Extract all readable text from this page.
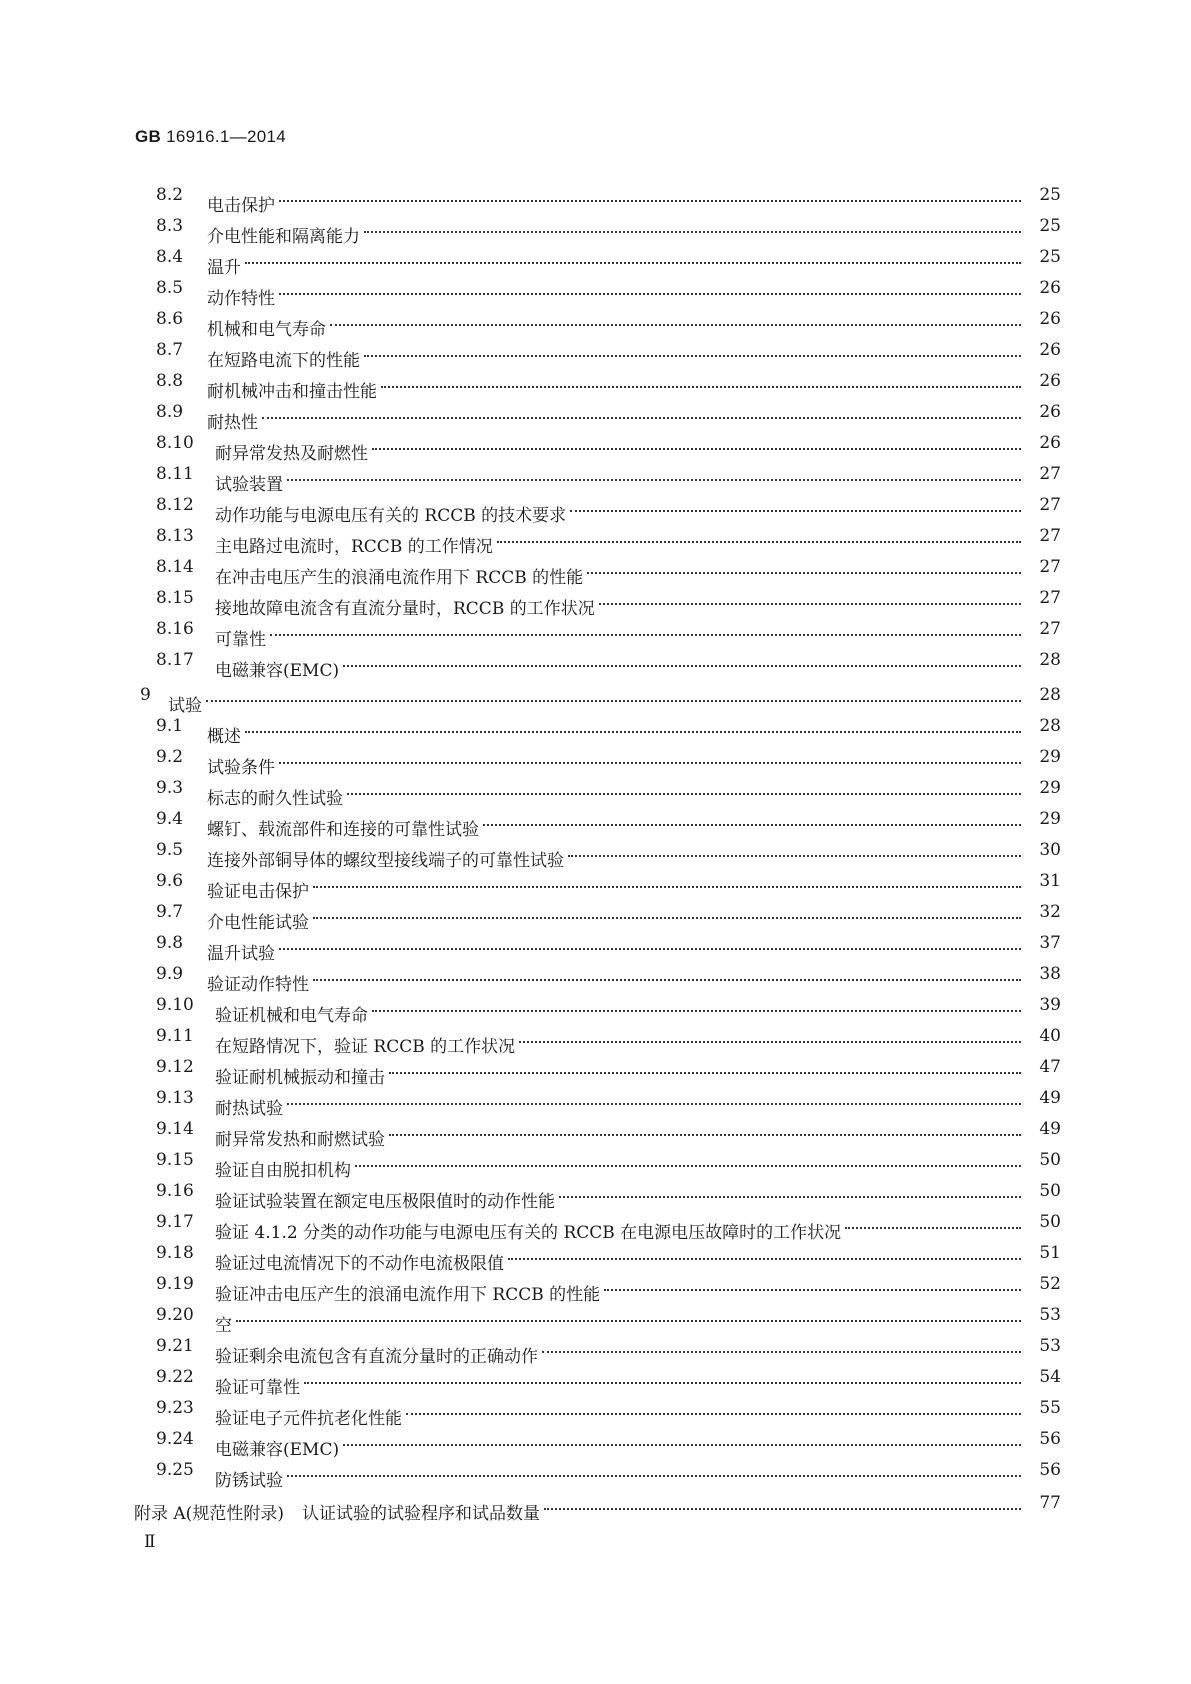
GB 16916.1—2014
8.2
电击保护
25
8.3
介电性能和隔离能力
25
8.4
温升
25
8.5
动作特性
26
8.6
机械和电气寿命
26
8.7
在短路电流下的性能
26
8.8
耐机械冲击和撞击性能
26
8.9
耐热性
26
8.10
耐异常发热及耐燃性
26
8.11
试验装置
27
8.12
动作功能与电源电压有关的 RCCB 的技术要求
27
8.13
主电路过电流时，RCCB 的工作情况
27
8.14
在冲击电压产生的浪涌电流作用下 RCCB 的性能
27
8.15
接地故障电流含有直流分量时，RCCB 的工作状况
27
8.16
可靠性
27
8.17
电磁兼容(EMC)
28
9
试验
28
9.1
概述
28
9.2
试验条件
29
9.3
标志的耐久性试验
29
9.4
螺钉、载流部件和连接的可靠性试验
29
9.5
连接外部铜导体的螺纹型接线端子的可靠性试验
30
9.6
验证电击保护
31
9.7
介电性能试验
32
9.8
温升试验
37
9.9
验证动作特性
38
9.10
验证机械和电气寿命
39
9.11
在短路情况下，验证 RCCB 的工作状况
40
9.12
验证耐机械振动和撞击
47
9.13
耐热试验
49
9.14
耐异常发热和耐燃试验
49
9.15
验证自由脱扣机构
50
9.16
验证试验装置在额定电压极限值时的动作性能
50
9.17
验证 4.1.2 分类的动作功能与电源电压有关的 RCCB 在电源电压故障时的工作状况
50
9.18
验证过电流情况下的不动作电流极限值
51
9.19
验证冲击电压产生的浪涌电流作用下 RCCB 的性能
52
9.20
空
53
9.21
验证剩余电流包含有直流分量时的正确动作
53
9.22
验证可靠性
54
9.23
验证电子元件抗老化性能
55
9.24
电磁兼容(EMC)
56
9.25
防锈试验
56
附录 A(规范性附录) 认证试验的试验程序和试品数量
77
Ⅱ
